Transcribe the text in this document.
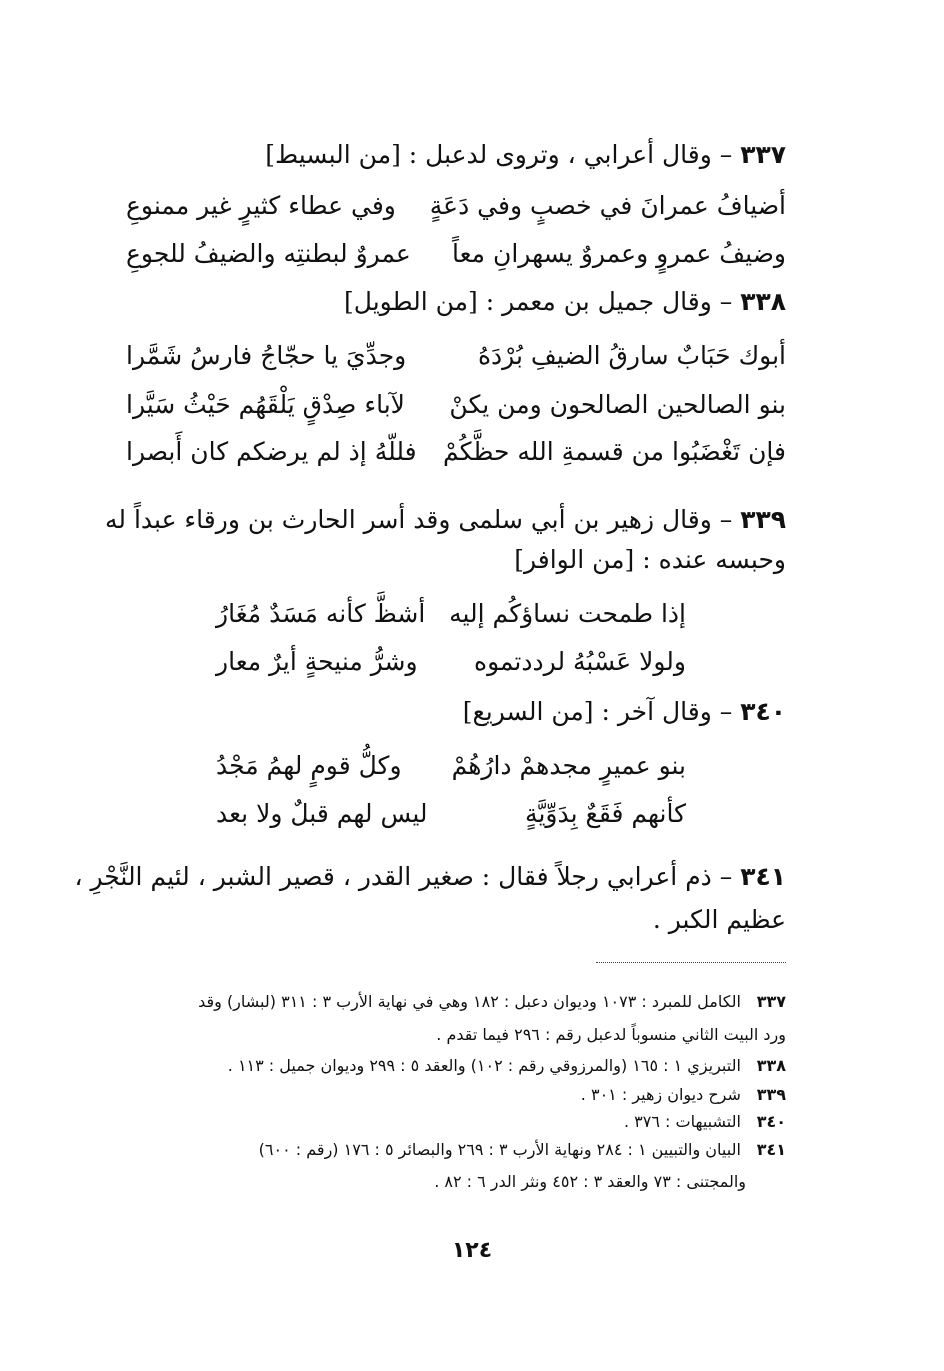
٣٣٧ – وقال أعرابي ، وتروى لدعبل : [من البسيط]
أضيافُ عمرانَ في خصبٍ وفي دَعَةٍ
وفي عطاء كثيرٍ غير ممنوعِ
وضيفُ عمروٍ وعمروٌ يسهرانِ معاً
عمروٌ لبطنتِه والضيفُ للجوعِ
٣٣٨ – وقال جميل بن معمر : [من الطويل]
أبوك حَبَابٌ سارقُ الضيفِ بُرْدَهُ
وجدِّيَ يا حجّاجُ فارسُ شَمَّرا
بنو الصالحين الصالحون ومن يكنْ
لآباء صِدْقٍ يَلْقَهُم حَيْثُ سَيَّرا
فإن تَغْضَبُوا من قسمةِ الله حظَّكُمْ
فللّهُ إذ لم يرضكم كان أَبصرا
٣٣٩ – وقال زهير بن أبي سلمى وقد أسر الحارث بن ورقاء عبداً له
وحبسه عنده : [من الوافر]
إذا طمحت نساؤكُم إليه
أشظَّ كأنه مَسَدٌ مُغَارُ
ولولا عَسْبُهُ لرددتموه
وشرُّ منيحةٍ أيرٌ معار
٣٤٠ – وقال آخر : [من السريع]
بنو عميرٍ مجدهمْ دارُهُمْ
وكلُّ قومٍ لهمُ مَجْدُ
كأنهم فَقَعٌ بِدَوِّيَّةٍ
ليس لهم قبلٌ ولا بعد
٣٤١ – ذم أعرابي رجلاً فقال : صغير القدر ، قصير الشبر ، لئيم النَّجْرِ ،
عظيم الكبر .
٣٣٧ الكامل للمبرد : ١٠٧٣ وديوان دعبل : ١٨٢ وهي في نهاية الأرب ٣ : ٣١١ (لبشار) وقد
ورد البيت الثاني منسوباً لدعبل رقم : ٢٩٦ فيما تقدم .
٣٣٨ التبريزي ١ : ١٦٥ (والمرزوقي رقم : ١٠٢) والعقد ٥ : ٢٩٩ وديوان جميل : ١١٣ .
٣٣٩ شرح ديوان زهير : ٣٠١ .
٣٤٠ التشبيهات : ٣٧٦ .
٣٤١ البيان والتبيين ١ : ٢٨٤ ونهاية الأرب ٣ : ٢٦٩ والبصائر ٥ : ١٧٦ (رقم : ٦٠٠)
والمجتنى : ٧٣ والعقد ٣ : ٤٥٢ ونثر الدر ٦ : ٨٢ .
١٢٤
